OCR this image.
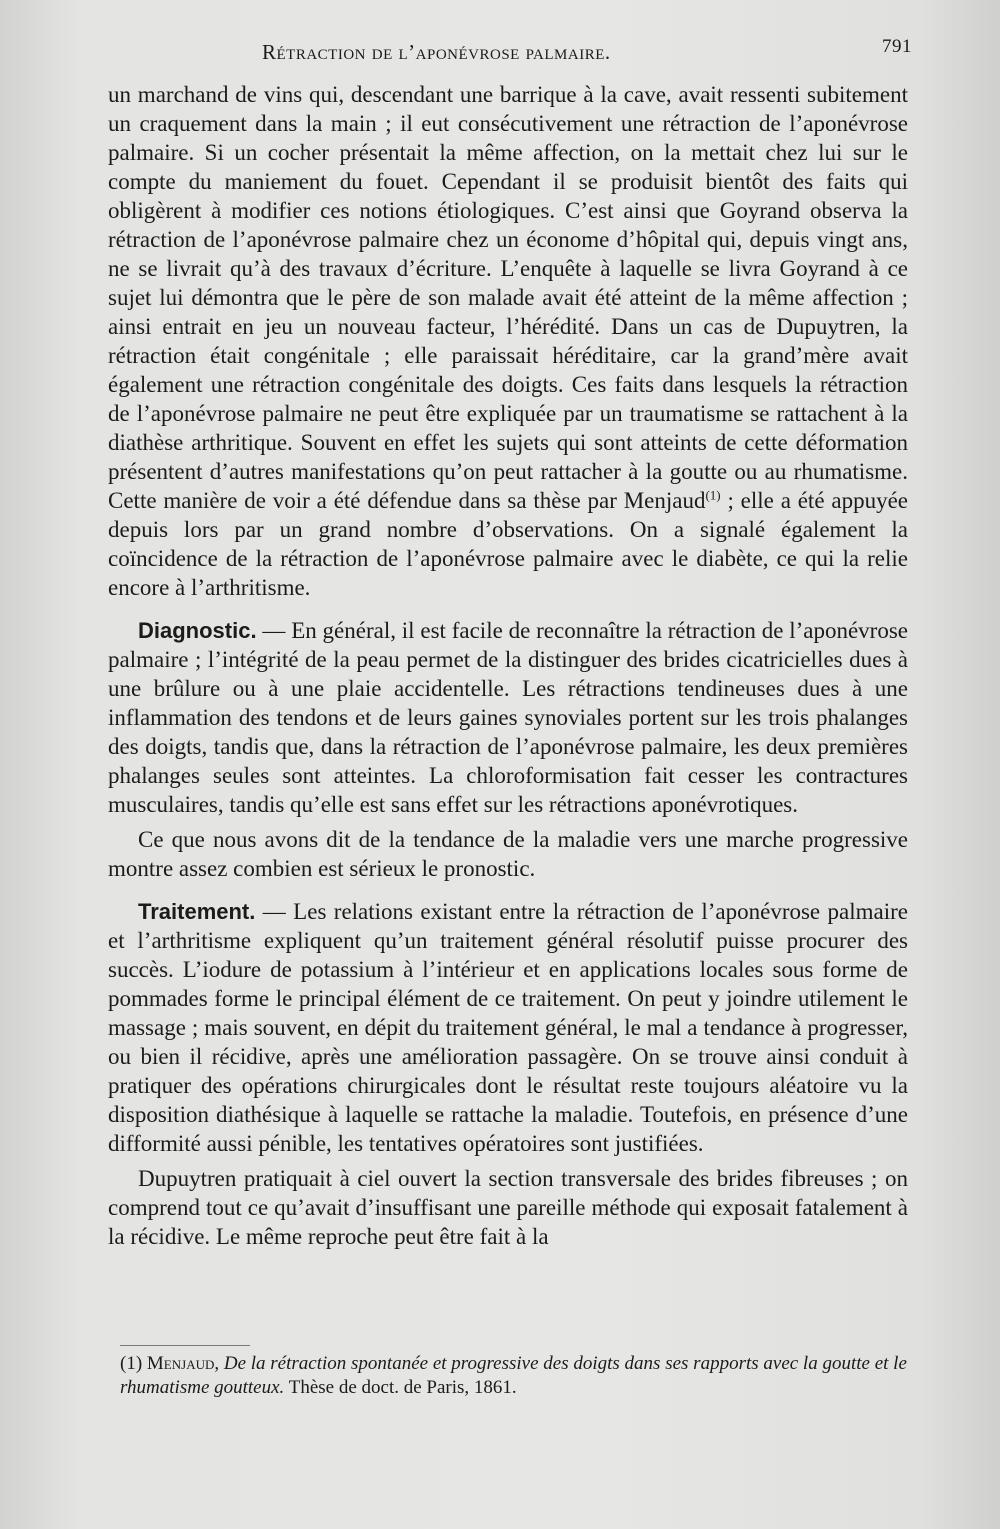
Rétraction de l’aponévrose palmaire.	791

un marchand de vins qui, descendant une barrique à la cave, avait ressenti subitement un craquement dans la main ; il eut consécutivement une rétraction de l’aponévrose palmaire. Si un cocher présentait la même affection, on la mettait chez lui sur le compte du maniement du fouet. Cependant il se produisit bientôt des faits qui obligèrent à modifier ces notions étiologiques. C’est ainsi que Goyrand observa la rétraction de l’aponévrose palmaire chez un économe d’hôpital qui, depuis vingt ans, ne se livrait qu’à des travaux d’écriture. L’enquête à laquelle se livra Goyrand à ce sujet lui démontra que le père de son malade avait été atteint de la même affection ; ainsi entrait en jeu un nouveau facteur, l’hérédité. Dans un cas de Dupuytren, la rétraction était congénitale ; elle paraissait héréditaire, car la grand’mère avait également une rétraction congénitale des doigts. Ces faits dans lesquels la rétraction de l’aponévrose palmaire ne peut être expliquée par un traumatisme se rattachent à la diathèse arthritique. Souvent en effet les sujets qui sont atteints de cette déformation présentent d’autres manifestations qu’on peut rattacher à la goutte ou au rhumatisme. Cette manière de voir a été défendue dans sa thèse par Menjaud$^{(1)}$ ; elle a été appuyée depuis lors par un grand nombre d’observations. On a signalé également la coïncidence de la rétraction de l’aponévrose palmaire avec le diabète, ce qui la relie encore à l’arthritisme.

Diagnostic. — En général, il est facile de reconnaître la rétraction de l’aponévrose palmaire ; l’intégrité de la peau permet de la distinguer des brides cicatricielles dues à une brûlure ou à une plaie accidentelle. Les rétractions tendineuses dues à une inflammation des tendons et de leurs gaines synoviales portent sur les trois phalanges des doigts, tandis que, dans la rétraction de l’aponévrose palmaire, les deux premières phalanges seules sont atteintes. La chloroformisation fait cesser les contractures musculaires, tandis qu’elle est sans effet sur les rétractions aponévrotiques.

Ce que nous avons dit de la tendance de la maladie vers une marche progressive montre assez combien est sérieux le pronostic.

Traitement. — Les relations existant entre la rétraction de l’aponévrose palmaire et l’arthritisme expliquent qu’un traitement général résolutif puisse procurer des succès. L’iodure de potassium à l’intérieur et en applications locales sous forme de pommades forme le principal élément de ce traitement. On peut y joindre utilement le massage ; mais souvent, en dépit du traitement général, le mal a tendance à progresser, ou bien il récidive, après une amélioration passagère. On se trouve ainsi conduit à pratiquer des opérations chirurgicales dont le résultat reste toujours aléatoire vu la disposition diathésique à laquelle se rattache la maladie. Toutefois, en présence d’une difformité aussi pénible, les tentatives opératoires sont justifiées.

Dupuytren pratiquait à ciel ouvert la section transversale des brides fibreuses ; on comprend tout ce qu’avait d’insuffisant une pareille méthode qui exposait fatalement à la récidive. Le même reproche peut être fait à la

(1) Menjaud, De la rétraction spontanée et progressive des doigts dans ses rapports avec la goutte et le rhumatisme goutteux. Thèse de doct. de Paris, 1861.
